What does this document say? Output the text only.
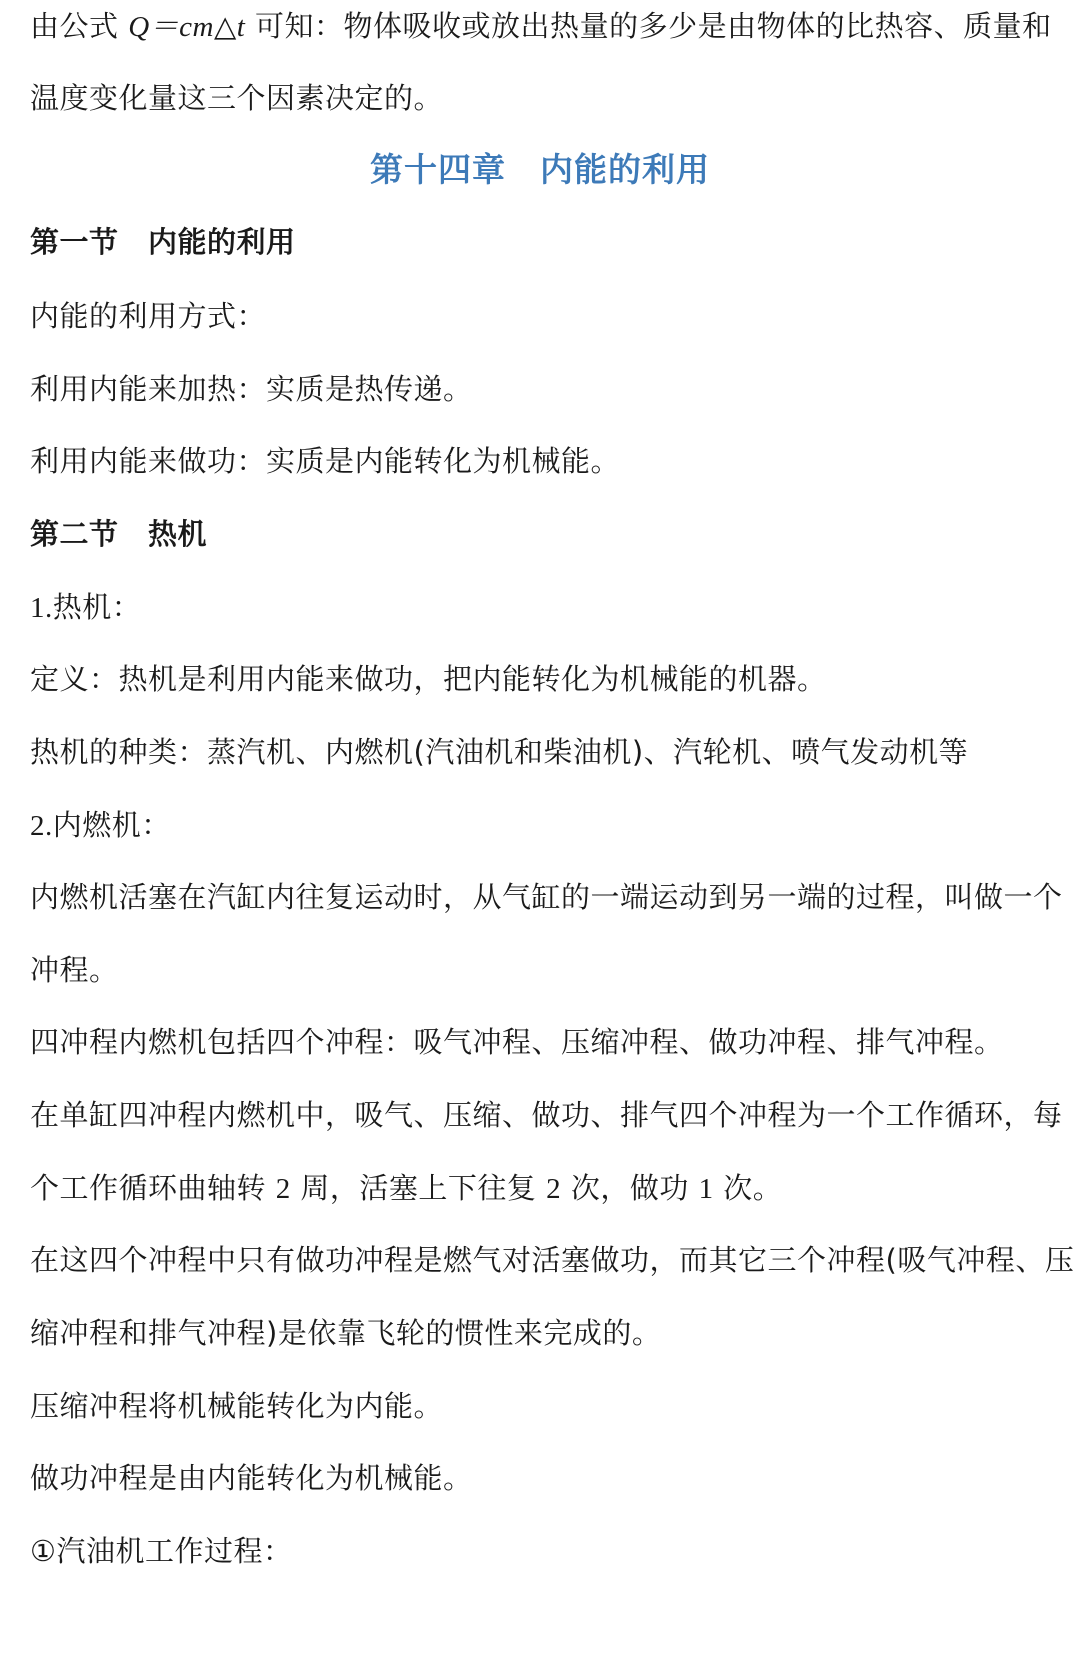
由公式 Q＝cm△t 可知：物体吸收或放出热量的多少是由物体的比热容、质量和
温度变化量这三个因素决定的。
第十四章　内能的利用
第一节　内能的利用
内能的利用方式：
利用内能来加热：实质是热传递。
利用内能来做功：实质是内能转化为机械能。
第二节　热机
1.热机：
定义：热机是利用内能来做功，把内能转化为机械能的机器。
热机的种类：蒸汽机、内燃机(汽油机和柴油机)、汽轮机、喷气发动机等
2.内燃机：
内燃机活塞在汽缸内往复运动时，从气缸的一端运动到另一端的过程，叫做一个
冲程。
四冲程内燃机包括四个冲程：吸气冲程、压缩冲程、做功冲程、排气冲程。
在单缸四冲程内燃机中，吸气、压缩、做功、排气四个冲程为一个工作循环，每
个工作循环曲轴转 2 周，活塞上下往复 2 次，做功 1 次。
在这四个冲程中只有做功冲程是燃气对活塞做功，而其它三个冲程(吸气冲程、压
缩冲程和排气冲程)是依靠飞轮的惯性来完成的。
压缩冲程将机械能转化为内能。
做功冲程是由内能转化为机械能。
①汽油机工作过程：
